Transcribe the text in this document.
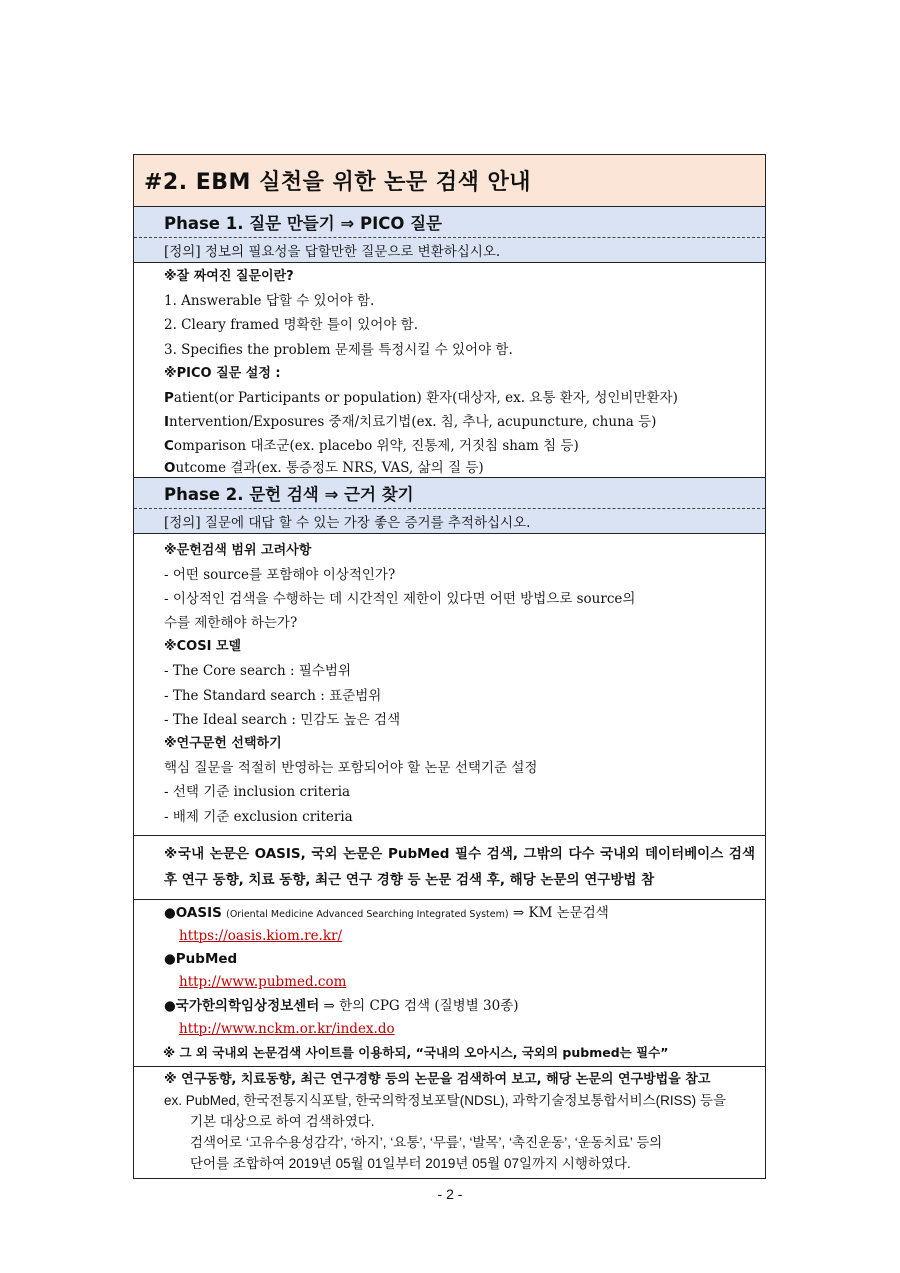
#2. EBM 실천을 위한 논문 검색 안내
Phase 1. 질문 만들기 ⇒ PICO 질문
[정의] 정보의 필요성을 답할만한 질문으로 변환하십시오.
※잘 짜여진 질문이란?
1. Answerable 답할 수 있어야 함.
2. Cleary framed 명확한 틀이 있어야 함.
3. Specifies the problem 문제를 특정시킬 수 있어야 함.
※PICO 질문 설정 :
Patient(or Participants or population) 환자(대상자, ex. 요통 환자, 성인비만환자)
Intervention/Exposures 중재/치료기법(ex. 침, 추나, acupuncture, chuna 등)
Comparison 대조군(ex. placebo 위약, 진통제, 거짓침 sham 침 등)
Outcome 결과(ex. 통증정도 NRS, VAS, 삶의 질 등)
Phase 2. 문헌 검색 ⇒ 근거 찾기
[정의] 질문에 대답 할 수 있는 가장 좋은 증거를 추적하십시오.
※문헌검색 범위 고려사항
- 어떤 source를 포함해야 이상적인가?
- 이상적인 검색을 수행하는 데 시간적인 제한이 있다면 어떤 방법으로 source의
수를 제한해야 하는가?
※COSI 모델
- The Core search : 필수범위
- The Standard search : 표준범위
- The Ideal search : 민감도 높은 검색
※연구문헌 선택하기
핵심 질문을 적절히 반영하는 포함되어야 할 논문 선택기준 설정
- 선택 기준 inclusion criteria
- 배제 기준 exclusion criteria
※국내 논문은 OASIS, 국외 논문은 PubMed 필수 검색, 그밖의 다수 국내외 데이터베이스 검색 후 연구 동향, 치료 동향, 최근 연구 경향 등 논문 검색 후, 해당 논문의 연구방법 참
●OASIS (Oriental Medicine Advanced Searching Integrated System) ⇒ KM 논문검색
https://oasis.kiom.re.kr/
●PubMed
http://www.pubmed.com
●국가한의학임상정보센터 ⇒ 한의 CPG 검색 (질병별 30종)
http://www.nckm.or.kr/index.do
※ 그 외 국내외 논문검색 사이트를 이용하되, “국내의 오아시스, 국외의 pubmed는 필수”
※ 연구동향, 치료동향, 최근 연구경향 등의 논문을 검색하여 보고, 해당 논문의 연구방법을 참고
ex. PubMed, 한국전통지식포탈, 한국의학정보포탈(NDSL), 과학기술정보통합서비스(RISS) 등을
기본 대상으로 하여 검색하였다.
검색어로 ‘고유수용성감각’, ‘하지’, ‘요통’, ‘무릎’, ‘발목’, ‘촉진운동’, ‘운동치료’ 등의
단어를 조합하여 2019년 05월 01일부터 2019년 05월 07일까지 시행하였다.
- 2 -
